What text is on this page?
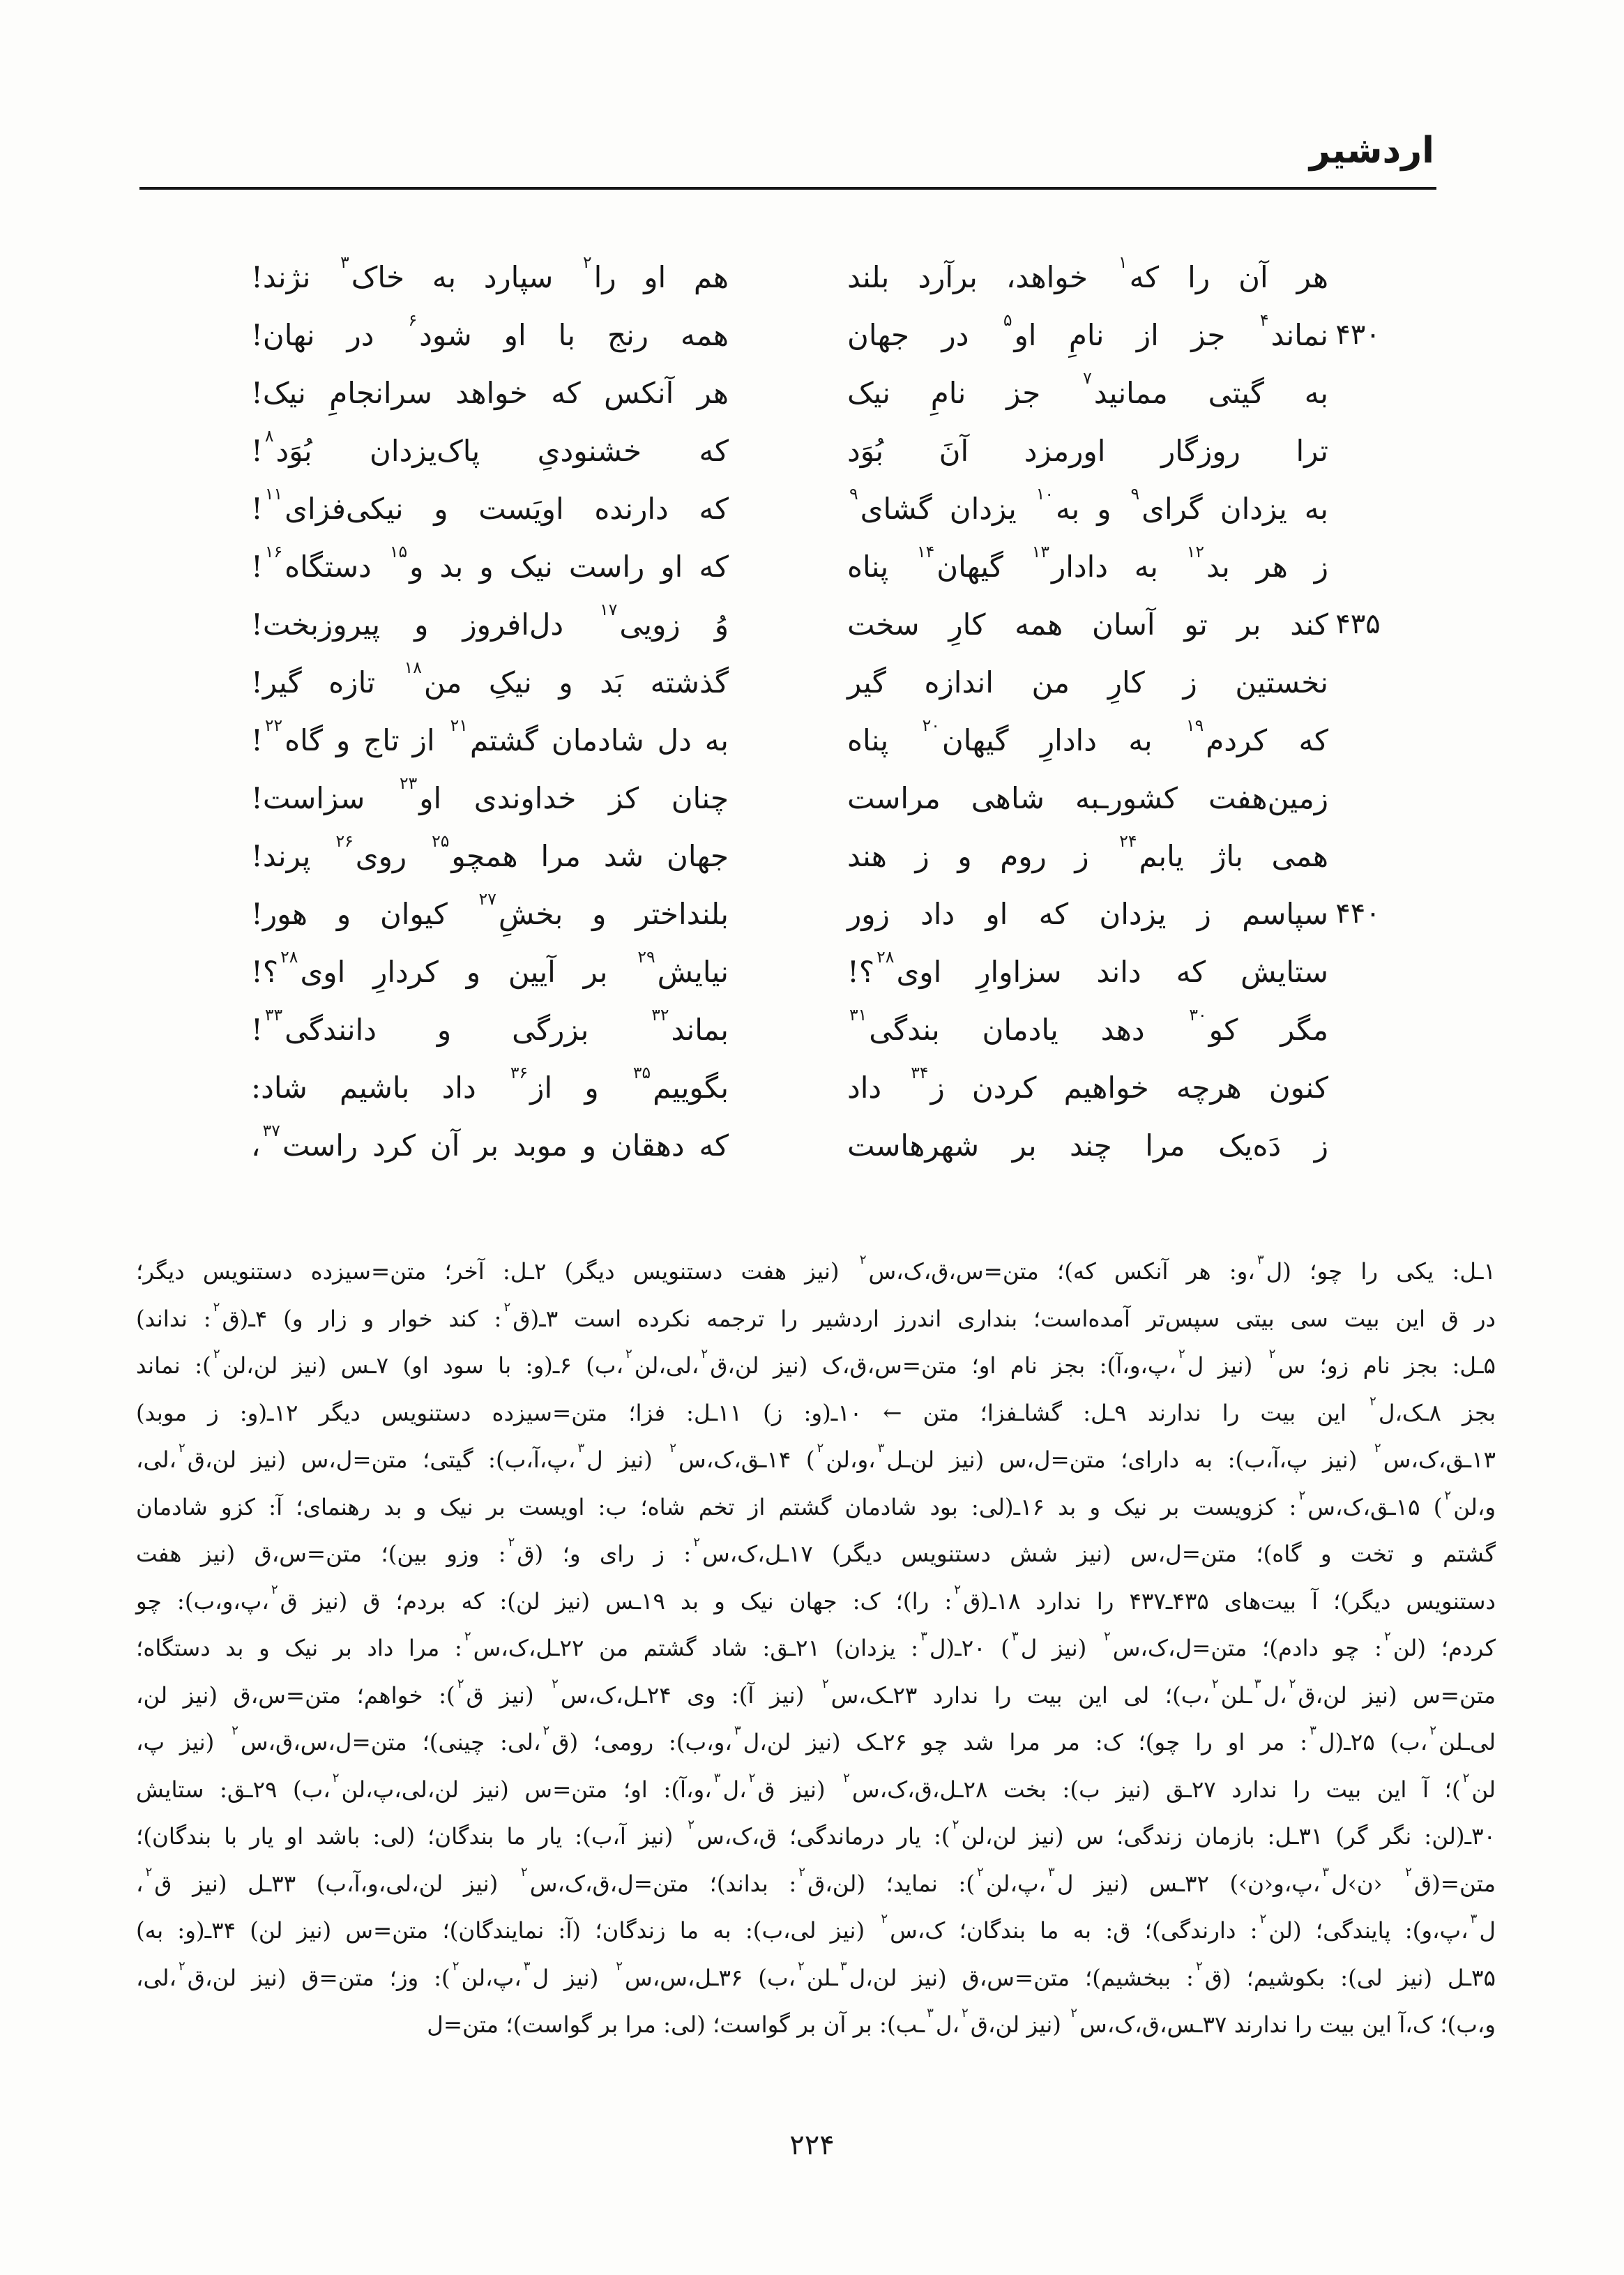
اردشیر
هر آن را که$^۱$ خواهد، برآرد بلند
هم او را$^۲$ سپارد به خاک$^۳$ نژند!
۴۳۰
نماند$^۴$ جز از نامِ او$^۵$ در جهان
همه رنج با او شود$^۶$ در نهان!
به گیتی ممانید$^۷$ جز نامِ نیک
هر آنکس که خواهد سرانجامِ نیک!
ترا روزگار اورمزد آنَ بُوَد
که خشنودیِ پاک‌یزدان بُوَد$^۸$!
به یزدان گرای$^۹$ و به$^{۱۰}$ یزدان گشای$^۹$
که دارنده اویَست و نیکی‌فزای$^{۱۱}$!
ز هر بد$^{۱۲}$ به دادار$^{۱۳}$ گیهان$^{۱۴}$ پناه
که او راست نیک و بد و$^{۱۵}$ دستگاه$^{۱۶}$!
۴۳۵
کند بر تو آسان همه کارِ سخت
وُ زویی$^{۱۷}$ دل‌افروز و پیروزبخت!
نخستین ز کارِ من اندازه گیر
گذشته بَد و نیکِ من$^{۱۸}$ تازه گیر!
که کردم$^{۱۹}$ به دادارِ گیهان$^{۲۰}$ پناه
به دل شادمان گشتم$^{۲۱}$ از تاج و گاه$^{۲۲}$!
زمین‌هفت کشورـبه شاهی مراست
چنان کز خداوندی او$^{۲۳}$ سزاست!
همی باژ یابم$^{۲۴}$ ز روم و ز هند
جهان شد مرا همچو$^{۲۵}$ روی$^{۲۶}$ پرند!
۴۴۰
سپاسم ز یزدان که او داد زور
بلنداختر و بخشِ$^{۲۷}$ کیوان و هور!
ستایش که داند سزاوارِ اوی$^{۲۸}$؟!
نیایش$^{۲۹}$ بر آیین و کردارِ اوی$^{۲۸}$؟!
مگر کو$^{۳۰}$ دهد یادمان بندگی$^{۳۱}$
بماند$^{۳۲}$ بزرگی و دانندگی$^{۳۳}$!
کنون هرچه خواهیم کردن ز$^{۳۴}$ داد
بگوییم$^{۳۵}$ و از$^{۳۶}$ داد باشیم شاد:
ز دَه‌یک مرا چند بر شهرهاست
که دهقان و موبد بر آن کرد راست$^{۳۷}$،
۱ـل: یکی را چو؛ (ل$^۳$،و: هر آنکس که)؛ متن=س،ق،ک،س$^۲$ (نیز هفت دستنویس دیگر) ۲ـل: آخر؛ متن=سیزده دستنویس دیگر؛
در ق این بیت سی بیتی سپس‌تر آمده‌است؛ بنداری اندرز اردشیر را ترجمه نکرده است ۳ـ(ق$^۲$: کند خوار و زار و) ۴ـ(ق$^۲$: نداند)
۵ـل: بجز نام زو؛ س$^۲$ (نیز ل$^۲$،پ،و،آ): بجز نام او؛ متن=س،ق،ک (نیز لن،ق$^۲$،لی،لن$^۲$،ب) ۶ـ(و: با سود او) ۷ـس (نیز لن،لن$^۲$): نماند
بجز ۸ـک،ل$^۲$ این بیت را ندارند ۹ـل: گشاـفزا؛ متن ← ۱۰ـ(و: ز) ۱۱ـل: فزا؛ متن=سیزده دستنویس دیگر ۱۲ـ(و: ز موبد)
۱۳ـق،ک،س$^۲$ (نیز پ،آ،ب): به دارای؛ متن=ل،س (نیز لن‌ـل$^۳$،و،لن$^۲$) ۱۴ـق،ک،س$^۲$ (نیز ل$^۳$،پ،آ،ب): گیتی؛ متن=ل،س (نیز لن،ق$^۲$،لی،
و،لن$^۲$) ۱۵ـق،ک،س$^۲$: کزویست بر نیک و بد ۱۶ـ(لی: بود شادمان گشتم از تخم شاه؛ ب: اویست بر نیک و بد رهنمای؛ آ: کزو شادمان
گشتم و تخت و گاه)؛ متن=ل،س (نیز شش دستنویس دیگر) ۱۷ـل،ک،س$^۲$: ز رای و؛ (ق$^۲$: وزو بین)؛ متن=س،ق (نیز هفت
دستنویس دیگر)؛ آ بیت‌های ۴۳۵ـ۴۳۷ را ندارد ۱۸ـ(ق$^۲$: را)؛ ک: جهان نیک و بد ۱۹ـس (نیز لن): که بردم؛ ق (نیز ق$^۲$،پ،و،ب): چو
کردم؛ (لن$^۲$: چو دادم)؛ متن=ل،ک،س$^۲$ (نیز ل$^۳$) ۲۰ـ(ل$^۳$: یزدان) ۲۱ـق: شاد گشتم من ۲۲ـل،ک،س$^۲$: مرا داد بر نیک و بد دستگاه؛
متن=س (نیز لن،ق$^۲$،ل$^۳$ـلن$^۲$،ب)؛ لی این بیت را ندارد ۲۳ـک،س$^۲$ (نیز آ): وی ۲۴ـل،ک،س$^۲$ (نیز ق$^۲$): خواهم؛ متن=س،ق (نیز لن،
لی‌ـلن$^۲$،ب) ۲۵ـ(ل$^۳$: مر او را چو)؛ ک: مر مرا شد چو ۲۶ـک (نیز لن،ل$^۳$،و،ب): رومی؛ (ق$^۲$،لی: چینی)؛ متن=ل،س،ق،س$^۲$ (نیز پ،
لن$^۲$)؛ آ این بیت را ندارد ۲۷ـق (نیز ب): بخت ۲۸ـل،ق،ک،س$^۲$ (نیز ق$^۲$،ل$^۳$،و،آ): او؛ متن=س (نیز لن،لی،پ،لن$^۲$،ب) ۲۹ـق: ستایش
۳۰ـ(لن: نگر گر) ۳۱ـل: بازمان زندگی؛ س (نیز لن،لن$^۲$): یار درماندگی؛ ق،ک،س$^۲$ (نیز آ،ب): یار ما بندگان؛ (لی: باشد او یار با بندگان)؛
متن=(ق$^۲$ ‹ن›ل$^۳$،پ،و‹ن›) ۳۲ـس (نیز ل$^۳$،پ،لن$^۲$): نماید؛ (لن،ق$^۲$: بداند)؛ متن=ل،ق،ک،س$^۲$ (نیز لن،لی،و،آ،ب) ۳۳ـل (نیز ق$^۲$،
ل$^۳$،پ،و): پایندگی؛ (لن$^۲$: دارندگی)؛ ق: به ما بندگان؛ ک،س$^۲$ (نیز لی،ب): به ما زندگان؛ (آ: نمایندگان)؛ متن=س (نیز لن) ۳۴ـ(و: به)
۳۵ـل (نیز لی): بکوشیم؛ (ق$^۲$: ببخشیم)؛ متن=س،ق (نیز لن،ل$^۳$ـلن$^۲$،ب) ۳۶ـل،س،س$^۲$ (نیز ل$^۳$،پ،لن$^۲$): وز؛ متن=ق (نیز لن،ق$^۲$،لی،
و،ب)؛ ک،آ این بیت را ندارند ۳۷ـس،ق،ک،س$^۲$ (نیز لن،ق$^۲$،ل$^۳$ـب): بر آن بر گواست؛ (لی: مرا بر گواست)؛ متن=ل
۲۲۴
